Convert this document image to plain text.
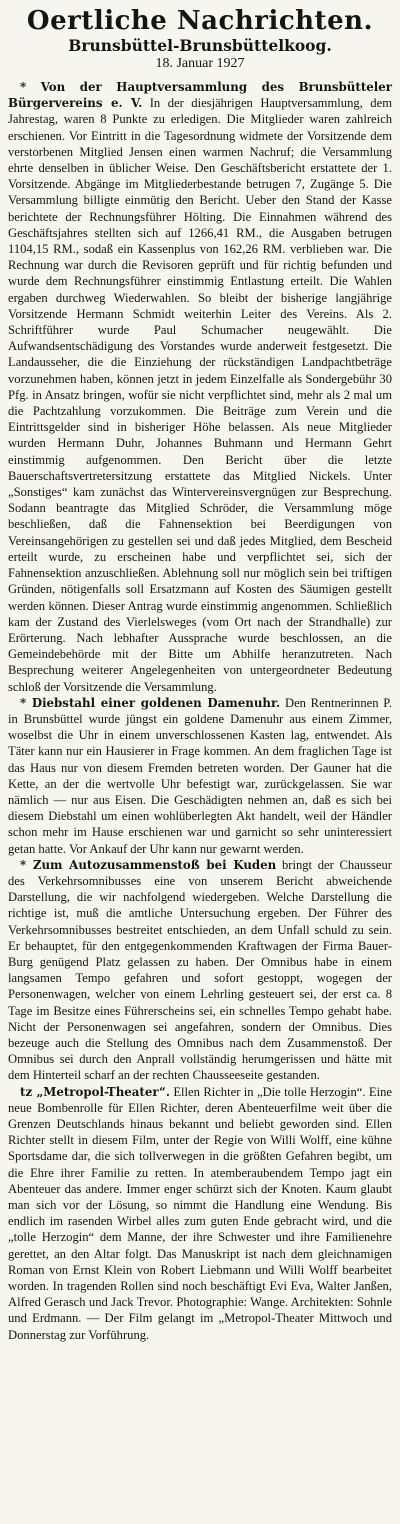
Oertliche Nachrichten.

Brunsbüttel-Brunsbüttelkoog.

18. Januar 1927

* Von der Hauptversammlung des Brunsbütteler Bürgervereins e. V. In der diesjährigen Hauptversammlung, dem Jahrestag, waren 8 Punkte zu erledigen. Die Mitglieder waren zahlreich erschienen. Vor Eintritt in die Tagesordnung widmete der Vorsitzende dem verstorbenen Mitglied Jensen einen warmen Nachruf; die Versammlung ehrte denselben in üblicher Weise. Den Geschäftsbericht erstattete der 1. Vorsitzende. Abgänge im Mitgliederbestande betrugen 7, Zugänge 5. Die Versammlung billigte einmütig den Bericht. Ueber den Stand der Kasse berichtete der Rechnungsführer Hölting. Die Einnahmen während des Geschäftsjahres stellten sich auf 1266,41 RM., die Ausgaben betrugen 1104,15 RM., sodaß ein Kassenplus von 162,26 RM. verblieben war. Die Rechnung war durch die Revisoren geprüft und für richtig befunden und wurde dem Rechnungsführer einstimmig Entlastung erteilt. Die Wahlen ergaben durchweg Wiederwahlen. So bleibt der bisherige langjährige Vorsitzende Hermann Schmidt weiterhin Leiter des Vereins. Als 2. Schriftführer wurde Paul Schumacher neugewählt. Die Aufwandsentschädigung des Vorstandes wurde anderweit festgesetzt. Die Landausseher, die die Einziehung der rückständigen Landpachtbeträge vorzunehmen haben, können jetzt in jedem Einzelfalle als Sondergebühr 30 Pfg. in Ansatz bringen, wofür sie nicht verpflichtet sind, mehr als 2 mal um die Pachtzahlung vorzukommen. Die Beiträge zum Verein und die Eintrittsgelder sind in bisheriger Höhe belassen. Als neue Mitglieder wurden Hermann Duhr, Johannes Buhmann und Hermann Gehrt einstimmig aufgenommen. Den Bericht über die letzte Bauerschaftsvertretersitzung erstattete das Mitglied Nickels. Unter „Sonstiges“ kam zunächst das Wintervereinsvergnügen zur Besprechung. Sodann beantragte das Mitglied Schröder, die Versammlung möge beschließen, daß die Fahnensektion bei Beerdigungen von Vereinsangehörigen zu gestellen sei und daß jedes Mitglied, dem Bescheid erteilt wurde, zu erscheinen habe und verpflichtet sei, sich der Fahnensektion anzuschließen. Ablehnung soll nur möglich sein bei triftigen Gründen, nötigenfalls soll Ersatzmann auf Kosten des Säumigen gestellt werden können. Dieser Antrag wurde einstimmig angenommen. Schließlich kam der Zustand des Vierlelsweges (vom Ort nach der Strandhalle) zur Erörterung. Nach lebhafter Aussprache wurde beschlossen, an die Gemeindebehörde mit der Bitte um Abhilfe heranzutreten. Nach Besprechung weiterer Angelegenheiten von untergeordneter Bedeutung schloß der Vorsitzende die Versammlung.

* Diebstahl einer goldenen Damenuhr. Den Rentnerinnen P. in Brunsbüttel wurde jüngst ein goldene Damenuhr aus einem Zimmer, woselbst die Uhr in einem unverschlossenen Kasten lag, entwendet. Als Täter kann nur ein Hausierer in Frage kommen. An dem fraglichen Tage ist das Haus nur von diesem Fremden betreten worden. Der Gauner hat die Kette, an der die wertvolle Uhr befestigt war, zurückgelassen. Sie war nämlich — nur aus Eisen. Die Geschädigten nehmen an, daß es sich bei diesem Diebstahl um einen wohlüberlegten Akt handelt, weil der Händler schon mehr im Hause erschienen war und garnicht so sehr uninteressiert getan hatte. Vor Ankauf der Uhr kann nur gewarnt werden.

* Zum Autozusammenstoß bei Kuden bringt der Chausseur des Verkehrsomnibusses eine von unserem Bericht abweichende Darstellung, die wir nachfolgend wiedergeben. Welche Darstellung die richtige ist, muß die amtliche Untersuchung ergeben. Der Führer des Verkehrsomnibusses bestreitet entschieden, an dem Unfall schuld zu sein. Er behauptet, für den entgegenkommenden Kraftwagen der Firma Bauer-Burg genügend Platz gelassen zu haben. Der Omnibus habe in einem langsamen Tempo gefahren und sofort gestoppt, wogegen der Personenwagen, welcher von einem Lehrling gesteuert sei, der erst ca. 8 Tage im Besitze eines Führerscheins sei, ein schnelles Tempo gehabt habe. Nicht der Personenwagen sei angefahren, sondern der Omnibus. Dies bezeuge auch die Stellung des Omnibus nach dem Zusammenstoß. Der Omnibus sei durch den Anprall vollständig herumgerissen und hätte mit dem Hinterteil scharf an der rechten Chausseeseite gestanden.

tz „Metropol-Theater“. Ellen Richter in „Die tolle Herzogin“. Eine neue Bombenrolle für Ellen Richter, deren Abenteuerfilme weit über die Grenzen Deutschlands hinaus bekannt und beliebt geworden sind. Ellen Richter stellt in diesem Film, unter der Regie von Willi Wolff, eine kühne Sportsdame dar, die sich tollverwegen in die größten Gefahren begibt, um die Ehre ihrer Familie zu retten. In atemberaubendem Tempo jagt ein Abenteuer das andere. Immer enger schürzt sich der Knoten. Kaum glaubt man sich vor der Lösung, so nimmt die Handlung eine Wendung. Bis endlich im rasenden Wirbel alles zum guten Ende gebracht wird, und die „tolle Herzogin“ dem Manne, der ihre Schwester und ihre Familienehre gerettet, an den Altar folgt. Das Manuskript ist nach dem gleichnamigen Roman von Ernst Klein von Robert Liebmann und Willi Wolff bearbeitet worden. In tragenden Rollen sind noch beschäftigt Evi Eva, Walter Janßen, Alfred Gerasch und Jack Trevor. Photographie: Wange. Architekten: Sohnle und Erdmann. — Der Film gelangt im „Metropol-Theater Mittwoch und Donnerstag zur Vorführung.
